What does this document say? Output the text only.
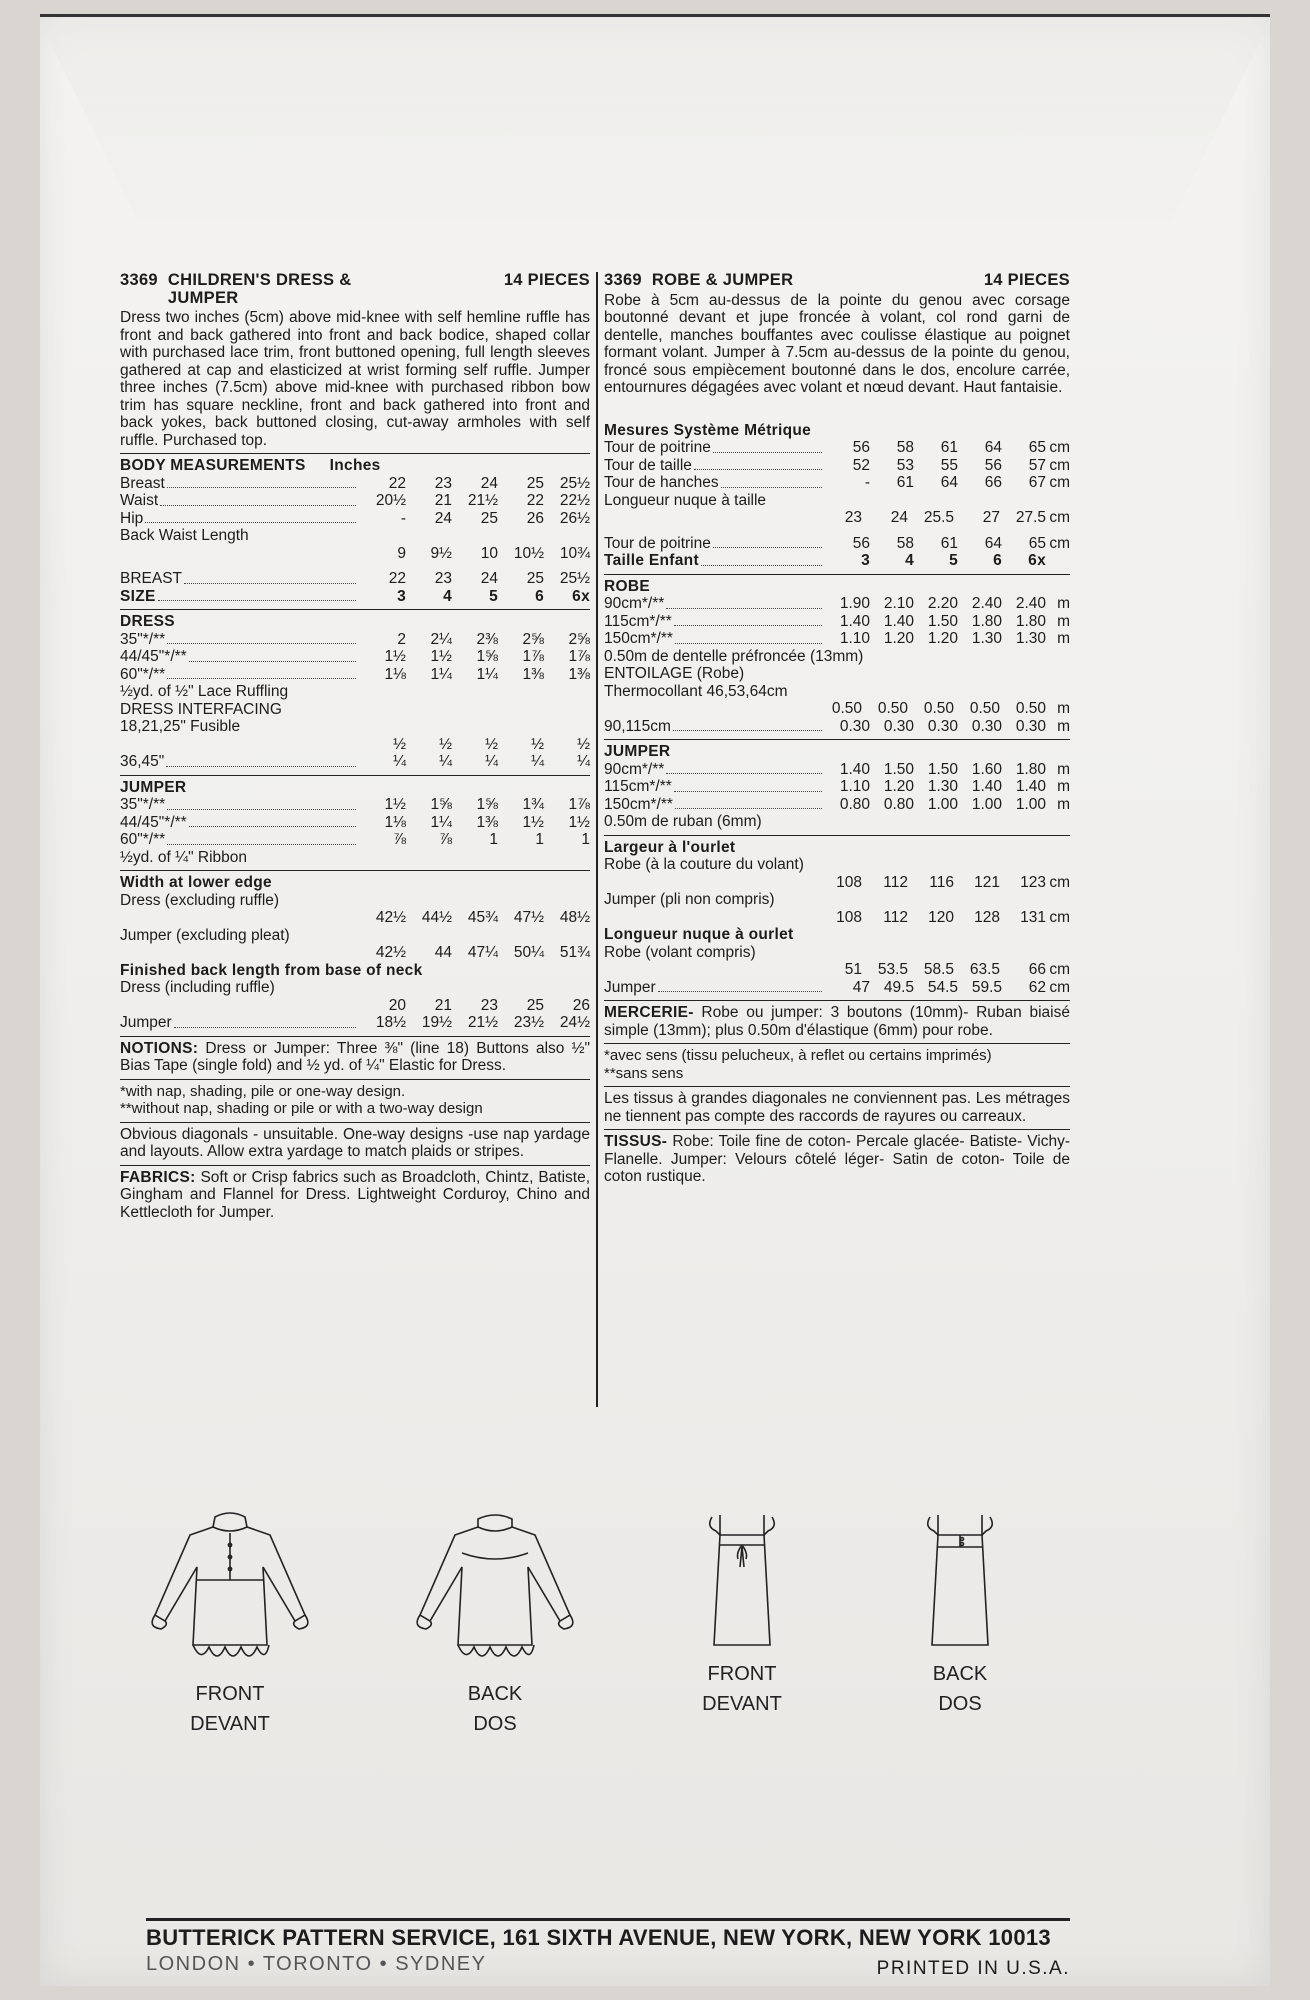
3369 CHILDREN'S DRESS & JUMPER
14 PIECES

Dress two inches (5cm) above mid-knee with self hemline ruffle has front and back gathered into front and back bodice, shaped collar with purchased lace trim, front buttoned opening, full length sleeves gathered at cap and elasticized at wrist forming self ruffle. Jumper three inches (7.5cm) above mid-knee with purchased ribbon bow trim has square neckline, front and back gathered into front and back yokes, back buttoned closing, cut-away armholes with self ruffle. Purchased top.

BODY MEASUREMENTS Inches
Breast	22	23	24	25	25½
Waist	20½	21	21½	22	22½
Hip	-	24	25	26	26½
Back Waist Length
9	9½	10	10½	10¾
BREAST	22	23	24	25	25½
SIZE	3	4	5	6	6x
DRESS
35"*/**	2	2¼	2⅜	2⅝	2⅝
44/45"*/**	1½	1½	1⅝	1⅞	1⅞
60"*/**	1⅛	1¼	1¼	1⅜	1⅜
½yd. of ½" Lace Ruffling
DRESS INTERFACING
18,21,25" Fusible
½	½	½	½	½
36,45"	¼	¼	¼	¼	¼
JUMPER
35"*/**	1½	1⅝	1⅝	1¾	1⅞
44/45"*/**	1⅛	1¼	1⅜	1½	1½
60"*/**	⅞	⅞	1	1	1
½yd. of ¼" Ribbon
Width at lower edge
Dress (excluding ruffle)
42½	44½	45¾	47½	48½
Jumper (excluding pleat)
42½	44	47¼	50¼	51¾
Finished back length from base of neck
Dress (including ruffle)
20	21	23	25	26
Jumper	18½	19½	21½	23½	24½
NOTIONS: Dress or Jumper: Three ⅜" (line 18) Buttons also ½" Bias Tape (single fold) and ½ yd. of ¼" Elastic for Dress.
*with nap, shading, pile or one-way design.
**without nap, shading or pile or with a two-way design
Obvious diagonals - unsuitable. One-way designs -use nap yardage and layouts. Allow extra yardage to match plaids or stripes.
FABRICS: Soft or Crisp fabrics such as Broadcloth, Chintz, Batiste, Gingham and Flannel for Dress. Lightweight Corduroy, Chino and Kettlecloth for Jumper.
3369 ROBE & JUMPER	14 PIECES

Robe à 5cm au-dessus de la pointe du genou avec corsage boutonné devant et jupe froncée à volant, col rond garni de dentelle, manches bouffantes avec coulisse élastique au poignet formant volant. Jumper à 7.5cm au-dessus de la pointe du genou, froncé sous empiècement boutonné dans le dos, encolure carrée, entournures dégagées avec volant et nœud devant. Haut fantaisie.

Mesures Système Métrique
Tour de poitrine	56	58	61	64	65 cm
Tour de taille	52	53	55	56	57 cm
Tour de hanches	-	61	64	66	67 cm
Longueur nuque à taille
23	24	25.5	27	27.5 cm
Tour de poitrine	56	58	61	64	65 cm
Taille Enfant	3	4	5	6	6x
ROBE
90cm*/**	1.90 2.10 2.20 2.40 2.40 m
115cm*/**	1.40 1.40 1.50 1.80 1.80 m
150cm*/**	1.10 1.20 1.20 1.30 1.30 m
0.50m de dentelle préfroncée (13mm)
ENTOILAGE (Robe)
Thermocollant 46,53,64cm
0.50	0.50	0.50	0.50	0.50 m
90,115cm	0.30 0.30 0.30 0.30 0.30 m
JUMPER
90cm*/**	1.40 1.50 1.50 1.60 1.80 m
115cm*/**	1.10 1.20 1.30 1.40 1.40 m
150cm*/**	0.80 0.80 1.00 1.00 1.00 m
0.50m de ruban (6mm)
Largeur à l'ourlet
Robe (à la couture du volant)
108	112	116	121	123 cm
Jumper (pli non compris)
108	112	120	128	131 cm
Longueur nuque à ourlet
Robe (volant compris)
51	53.5	58.5	63.5	66 cm
Jumper	47 49.5 54.5 59.5	62 cm
MERCERIE- Robe ou jumper: 3 boutons (10mm)- Ruban biaisé simple (13mm); plus 0.50m d'élastique (6mm) pour robe.
*avec sens (tissu pelucheux, à reflet ou certains imprimés)
**sans sens
Les tissus à grandes diagonales ne conviennent pas. Les métrages ne tiennent pas compte des raccords de rayures ou carreaux.
TISSUS- Robe: Toile fine de coton- Percale glacée- Batiste- Vichy- Flanelle. Jumper: Velours côtelé léger- Satin de coton- Toile de coton rustique.
FRONT
DEVANT
BACK
DOS
FRONT
DEVANT
BACK
DOS
BUTTERICK PATTERN SERVICE, 161 SIXTH AVENUE, NEW YORK, NEW YORK 10013
LONDON • TORONTO • SYDNEY	PRINTED IN U.S.A.
